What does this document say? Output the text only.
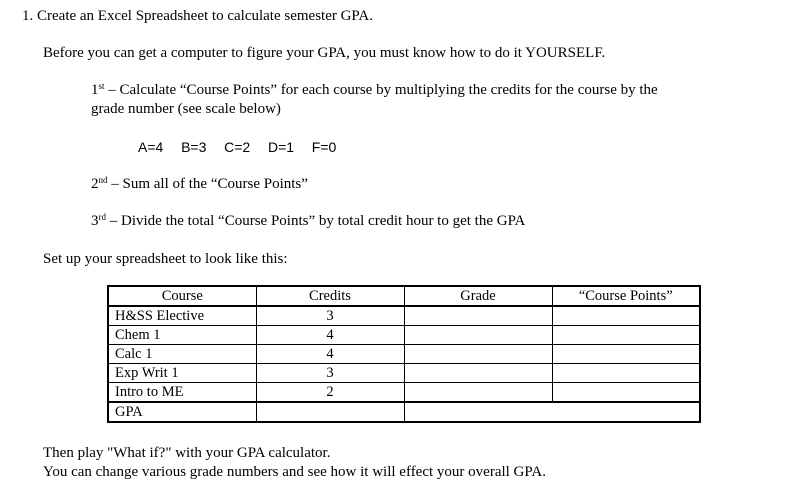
1. Create an Excel Spreadsheet to calculate semester GPA.
Before you can get a computer to figure your GPA, you must know how to do it YOURSELF.
1st – Calculate “Course Points” for each course by multiplying the credits for the course by the
grade number (see scale below)
A=4 B=3 C=2 D=1 F=0
2nd – Sum all of the “Course Points”
3rd – Divide the total “Course Points” by total credit hour to get the GPA
Set up your spreadsheet to look like this:
Course	Credits	Grade	“Course Points”
H&SS Elective	3		
Chem 1	4		
Calc 1	4		
Exp Writ 1	3		
Intro to ME	2		
GPA			
Then play "What if?" with your GPA calculator.
You can change various grade numbers and see how it will effect your overall GPA.
